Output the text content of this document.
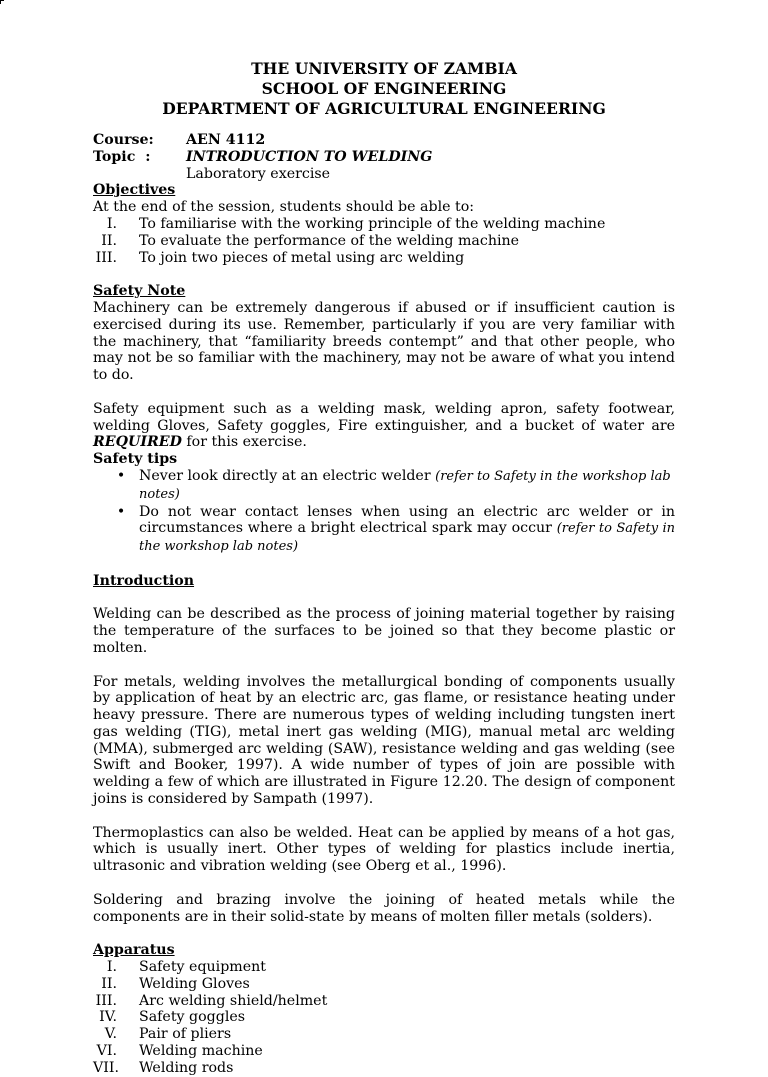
THE UNIVERSITY OF ZAMBIA
SCHOOL OF ENGINEERING
DEPARTMENT OF AGRICULTURAL ENGINEERING
Course:	AEN 4112
Topic  :	INTRODUCTION TO WELDING
Laboratory exercise
Objectives
At the end of the session, students should be able to:
I. To familiarise with the working principle of the welding machine
II. To evaluate the performance of the welding machine
III. To join two pieces of metal using arc welding
Safety Note
Machinery can be extremely dangerous if abused or if insufficient caution is exercised during its use. Remember, particularly if you are very familiar with the machinery, that “familiarity breeds contempt” and that other people, who may not be so familiar with the machinery, may not be aware of what you intend to do.
Safety equipment such as a welding mask, welding apron, safety footwear, welding Gloves, Safety goggles, Fire extinguisher, and a bucket of water are REQUIRED for this exercise.
Safety tips
• Never look directly at an electric welder (refer to Safety in the workshop lab notes)
• Do not wear contact lenses when using an electric arc welder or in circumstances where a bright electrical spark may occur (refer to Safety in the workshop lab notes)
Introduction
Welding can be described as the process of joining material together by raising the temperature of the surfaces to be joined so that they become plastic or molten.
For metals, welding involves the metallurgical bonding of components usually by application of heat by an electric arc, gas flame, or resistance heating under heavy pressure. There are numerous types of welding including tungsten inert gas welding (TIG), metal inert gas welding (MIG), manual metal arc welding (MMA), submerged arc welding (SAW), resistance welding and gas welding (see Swift and Booker, 1997). A wide number of types of join are possible with welding a few of which are illustrated in Figure 12.20. The design of component joins is considered by Sampath (1997).
Thermoplastics can also be welded. Heat can be applied by means of a hot gas, which is usually inert. Other types of welding for plastics include inertia, ultrasonic and vibration welding (see Oberg et al., 1996).
Soldering and brazing involve the joining of heated metals while the components are in their solid-state by means of molten filler metals (solders).
Apparatus
I. Safety equipment
II. Welding Gloves
III. Arc welding shield/helmet
IV. Safety goggles
V. Pair of pliers
VI. Welding machine
VII. Welding rods
